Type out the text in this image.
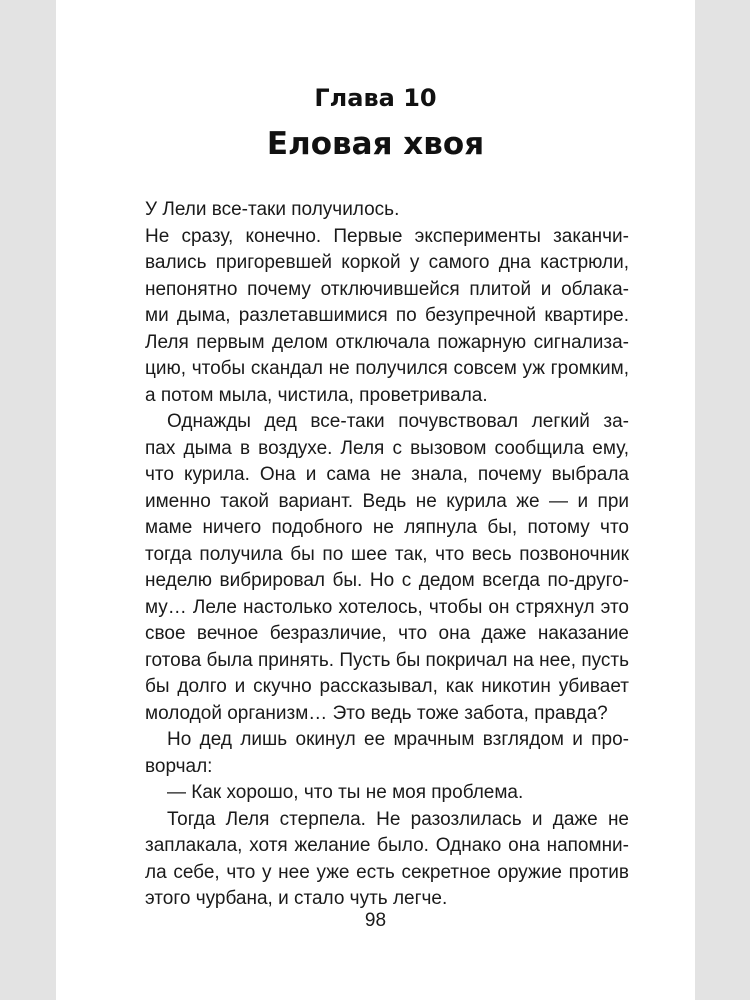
Глава 10
Еловая хвоя
У Лели все-таки получилось.
Не сразу, конечно. Первые эксперименты заканчи-
вались пригоревшей коркой у самого дна кастрюли,
непонятно почему отключившейся плитой и облака-
ми дыма, разлетавшимися по безупречной квартире.
Леля первым делом отключала пожарную сигнализа-
цию, чтобы скандал не получился совсем уж громким,
а потом мыла, чистила, проветривала.
Однажды дед все-таки почувствовал легкий за-
пах дыма в воздухе. Леля с вызовом сообщила ему,
что курила. Она и сама не знала, почему выбрала
именно такой вариант. Ведь не курила же — и при
маме ничего подобного не ляпнула бы, потому что
тогда получила бы по шее так, что весь позвоночник
неделю вибрировал бы. Но с дедом всегда по-друго-
му… Леле настолько хотелось, чтобы он стряхнул это
свое вечное безразличие, что она даже наказание
готова была принять. Пусть бы покричал на нее, пусть
бы долго и скучно рассказывал, как никотин убивает
молодой организм… Это ведь тоже забота, правда?
Но дед лишь окинул ее мрачным взглядом и про-
ворчал:
— Как хорошо, что ты не моя проблема.
Тогда Леля стерпела. Не разозлилась и даже не
заплакала, хотя желание было. Однако она напомни-
ла себе, что у нее уже есть секретное оружие против
этого чурбана, и стало чуть легче.
98
